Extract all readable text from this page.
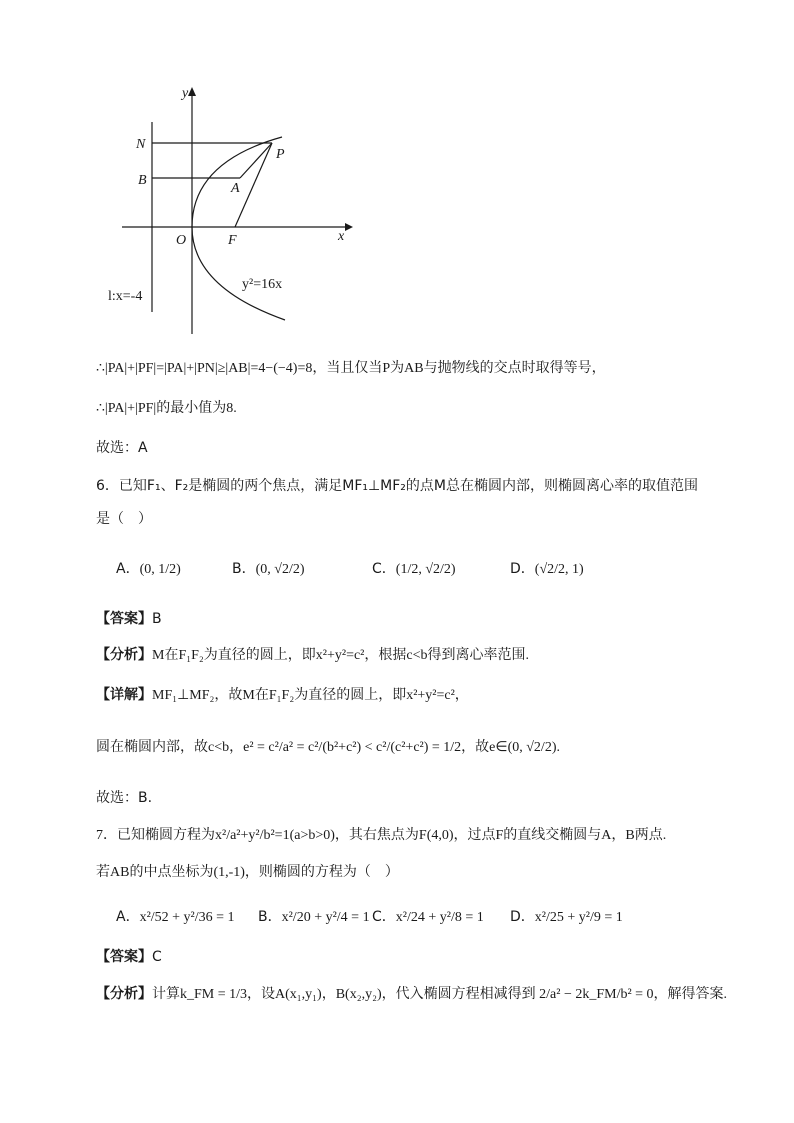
y
x
N
B
P
A
O	F
l:x=-4
y²=16x
∴|PA|+|PF|=|PA|+|PN|≥|AB|=4−(−4)=8，当且仅当P为AB与抛物线的交点时取得等号，
∴|PA|+|PF|的最小值为8.
故选：A
6．已知F₁、F₂是椭圆的两个焦点，满足MF₁⊥MF₂的点M总在椭圆内部，则椭圆离心率的取值范围
是（　）
A．(0, 1/2)	B．(0, √2/2)	C．(1/2, √2/2)	D．(√2/2, 1)
【答案】B
【分析】M在F₁F₂为直径的圆上，即x²+y²=c²，根据c<b得到离心率范围.
【详解】MF₁⊥MF₂，故M在F₁F₂为直径的圆上，即x²+y²=c²，
圆在椭圆内部，故c<b，e² = c²/a² = c²/(b²+c²) < c²/(c²+c²) = 1/2，故e∈(0, √2/2).
故选：B.
7．已知椭圆方程为x²/a²+y²/b²=1(a>b>0)，其右焦点为F(4,0)，过点F的直线交椭圆与A，B两点.
若AB的中点坐标为(1,-1)，则椭圆的方程为（　）
A．x²/52 + y²/36 = 1 B．x²/20 + y²/4 = 1 C．x²/24 + y²/8 = 1 D．x²/25 + y²/9 = 1
【答案】C
【分析】计算k_FM = 1/3，设A(x₁,y₁)，B(x₂,y₂)，代入椭圆方程相减得到 2/a² − 2k_FM/b² = 0，解得答案.
